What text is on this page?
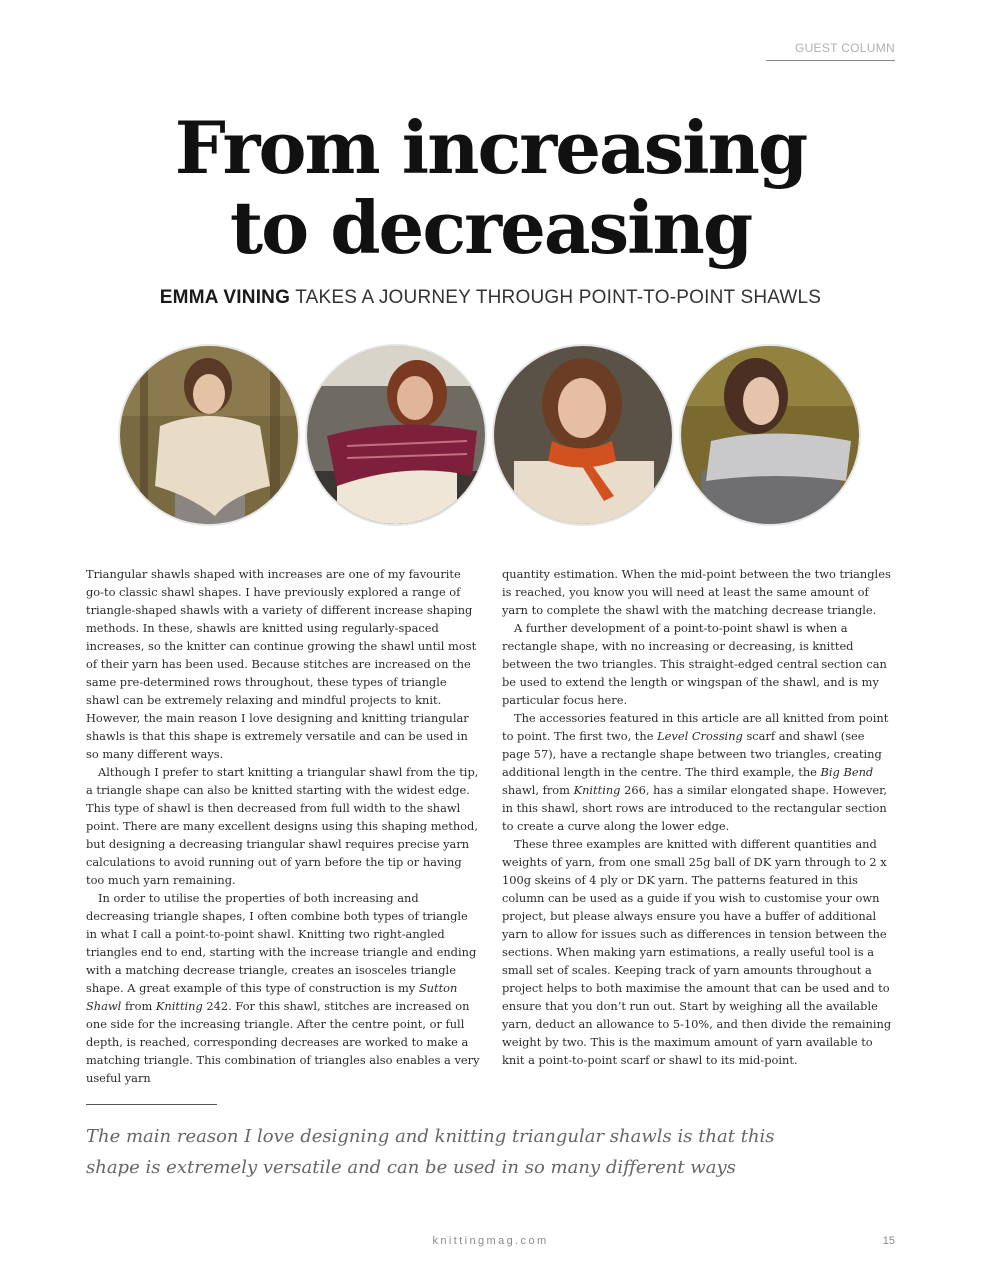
GUEST COLUMN
From increasing
to decreasing
EMMA VINING TAKES A JOURNEY THROUGH POINT-TO-POINT SHAWLS

Triangular shawls shaped with increases are one of my favourite go-to classic shawl shapes. I have previously explored a range of triangle-shaped shawls with a variety of different increase shaping methods. In these, shawls are knitted using regularly-spaced increases, so the knitter can continue growing the shawl until most of their yarn has been used. Because stitches are increased on the same pre-determined rows throughout, these types of triangle shawl can be extremely relaxing and mindful projects to knit. However, the main reason I love designing and knitting triangular shawls is that this shape is extremely versatile and can be used in so many different ways.

Although I prefer to start knitting a triangular shawl from the tip, a triangle shape can also be knitted starting with the widest edge. This type of shawl is then decreased from full width to the shawl point. There are many excellent designs using this shaping method, but designing a decreasing triangular shawl requires precise yarn calculations to avoid running out of yarn before the tip or having too much yarn remaining.

In order to utilise the properties of both increasing and decreasing triangle shapes, I often combine both types of triangle in what I call a point-to-point shawl. Knitting two right-angled triangles end to end, starting with the increase triangle and ending with a matching decrease triangle, creates an isosceles triangle shape. A great example of this type of construction is my Sutton Shawl from Knitting 242. For this shawl, stitches are increased on one side for the increasing triangle. After the centre point, or full depth, is reached, corresponding decreases are worked to make a matching triangle. This combination of triangles also enables a very useful yarn

quantity estimation. When the mid-point between the two triangles is reached, you know you will need at least the same amount of yarn to complete the shawl with the matching decrease triangle.

A further development of a point-to-point shawl is when a rectangle shape, with no increasing or decreasing, is knitted between the two triangles. This straight-edged central section can be used to extend the length or wingspan of the shawl, and is my particular focus here.

The accessories featured in this article are all knitted from point to point. The first two, the Level Crossing scarf and shawl (see page 57), have a rectangle shape between two triangles, creating additional length in the centre. The third example, the Big Bend shawl, from Knitting 266, has a similar elongated shape. However, in this shawl, short rows are introduced to the rectangular section to create a curve along the lower edge.

These three examples are knitted with different quantities and weights of yarn, from one small 25g ball of DK yarn through to 2 x 100g skeins of 4 ply or DK yarn. The patterns featured in this column can be used as a guide if you wish to customise your own project, but please always ensure you have a buffer of additional yarn to allow for issues such as differences in tension between the sections. When making yarn estimations, a really useful tool is a small set of scales. Keeping track of yarn amounts throughout a project helps to both maximise the amount that can be used and to ensure that you don’t run out. Start by weighing all the available yarn, deduct an allowance to 5-10%, and then divide the remaining weight by two. This is the maximum amount of yarn available to knit a point-to-point scarf or shawl to its mid-point.

The main reason I love designing and knitting triangular shawls is that this shape is extremely versatile and can be used in so many different ways
knittingmag.com	15
